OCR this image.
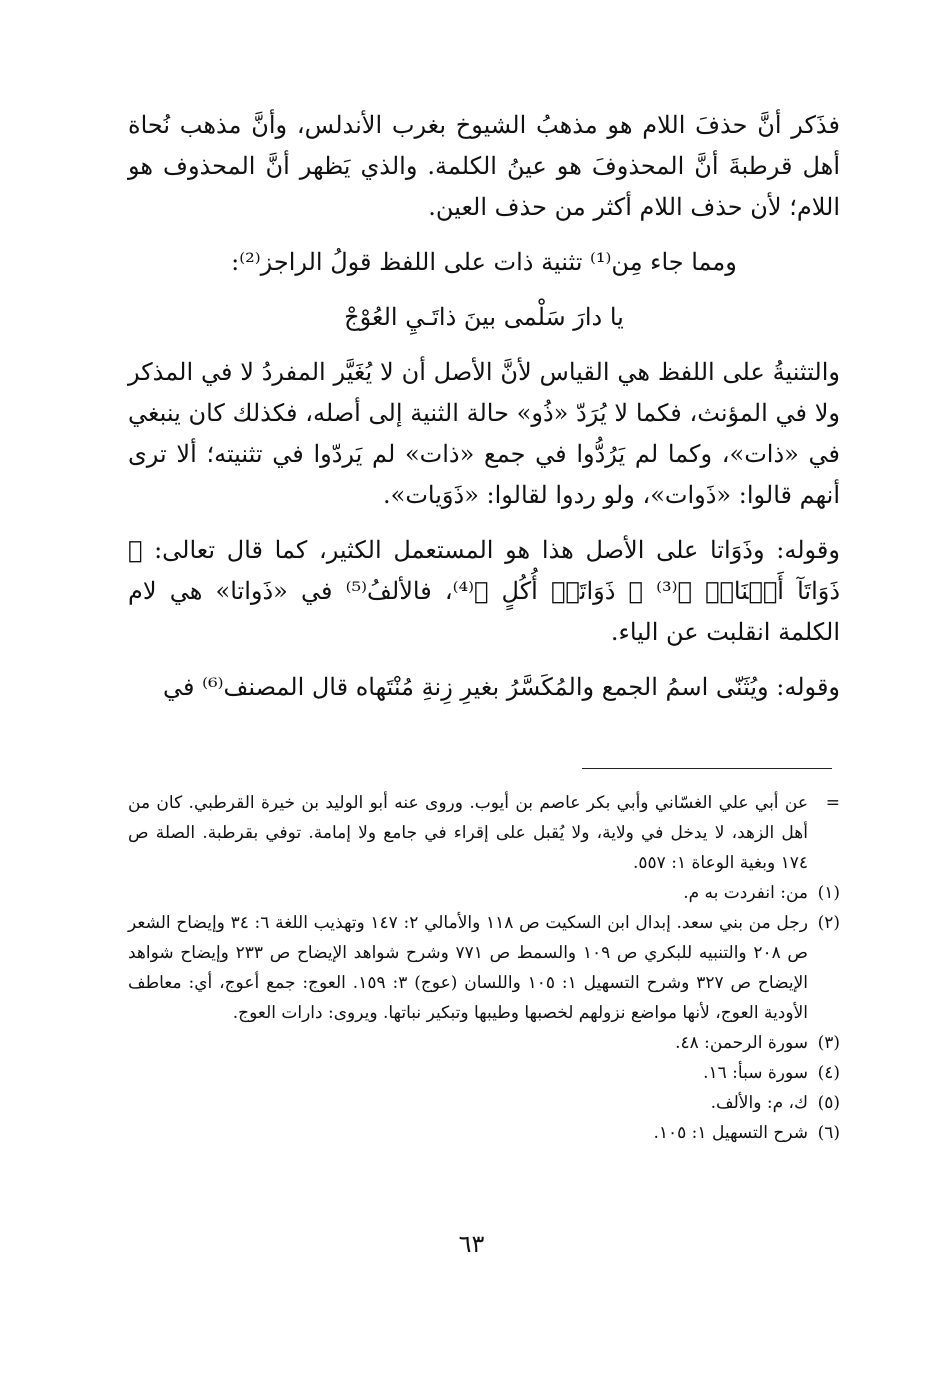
فذَكر أنَّ حذفَ اللام هو مذهبُ الشيوخ بغرب الأندلس، وأنَّ مذهب نُحاة أهل قرطبةَ أنَّ المحذوفَ هو عينُ الكلمة. والذي يَظهر أنَّ المحذوف هو اللام؛ لأن حذف اللام أكثر من حذف العين.

ومما جاء مِن⁽¹⁾ تثنية ذات على اللفظ قولُ الراجز⁽²⁾:

يا دارَ سَلْمى بينَ ذاتَـيِ العُوْجْ

والتثنيةُ على اللفظ هي القياس لأنَّ الأصل أن لا يُغَيَّر المفردُ لا في المذكر ولا في المؤنث، فكما لا يُرَدّ «ذُو» حالة الثنية إلى أصله، فكذلك كان ينبغي في «ذات»، وكما لم يَرُدُّوا في جمع «ذات» لم يَردّوا في تثنيته؛ ألا ترى أنهم قالوا: «ذَوات»، ولو ردوا لقالوا: «ذَوَيات».

وقوله: وذَوَاتا على الأصل هذا هو المستعمل الكثير، كما قال تعالى: ﴿ ذَوَاتَآ أَفۡنَانٖ ﴾⁽³⁾ ﴿ ذَوَاتَيۡ أُكُلٍ ﴾⁽⁴⁾، فالألفُ⁽⁵⁾ في «ذَواتا» هي لام الكلمة انقلبت عن الياء.

وقوله: ويُثَنّى اسمُ الجمع والمُكَسَّرُ بغيرِ زِنةِ مُنْتَهاه قال المصنف⁽⁶⁾ في

=
عن أبي علي الغسّاني وأبي بكر عاصم بن أيوب. وروى عنه أبو الوليد بن خيرة القرطبي. كان من أهل الزهد، لا يدخل في ولاية، ولا يُقبل على إقراء في جامع ولا إمامة. توفي بقرطبة. الصلة ص ١٧٤ وبغية الوعاة ١: ٥٥٧.
(١)
من: انفردت به م.
(٢)
رجل من بني سعد. إبدال ابن السكيت ص ١١٨ والأمالي ٢: ١٤٧ وتهذيب اللغة ٦: ٣٤ وإيضاح الشعر ص ٢٠٨ والتنبيه للبكري ص ١٠٩ والسمط ص ٧٧١ وشرح شواهد الإيضاح ص ٢٣٣ وإيضاح شواهد الإيضاح ص ٣٢٧ وشرح التسهيل ١: ١٠٥ واللسان (عوج) ٣: ١٥٩. العوج: جمع أعوج، أي: معاطف الأودية العوج، لأنها مواضع نزولهم لخصبها وطيبها وتبكير نباتها. ويروى: دارات العوج.
(٣)
سورة الرحمن: ٤٨.
(٤)
سورة سبأ: ١٦.
(٥)
ك، م: والألف.
(٦)
شرح التسهيل ١: ١٠٥.
٦٣
